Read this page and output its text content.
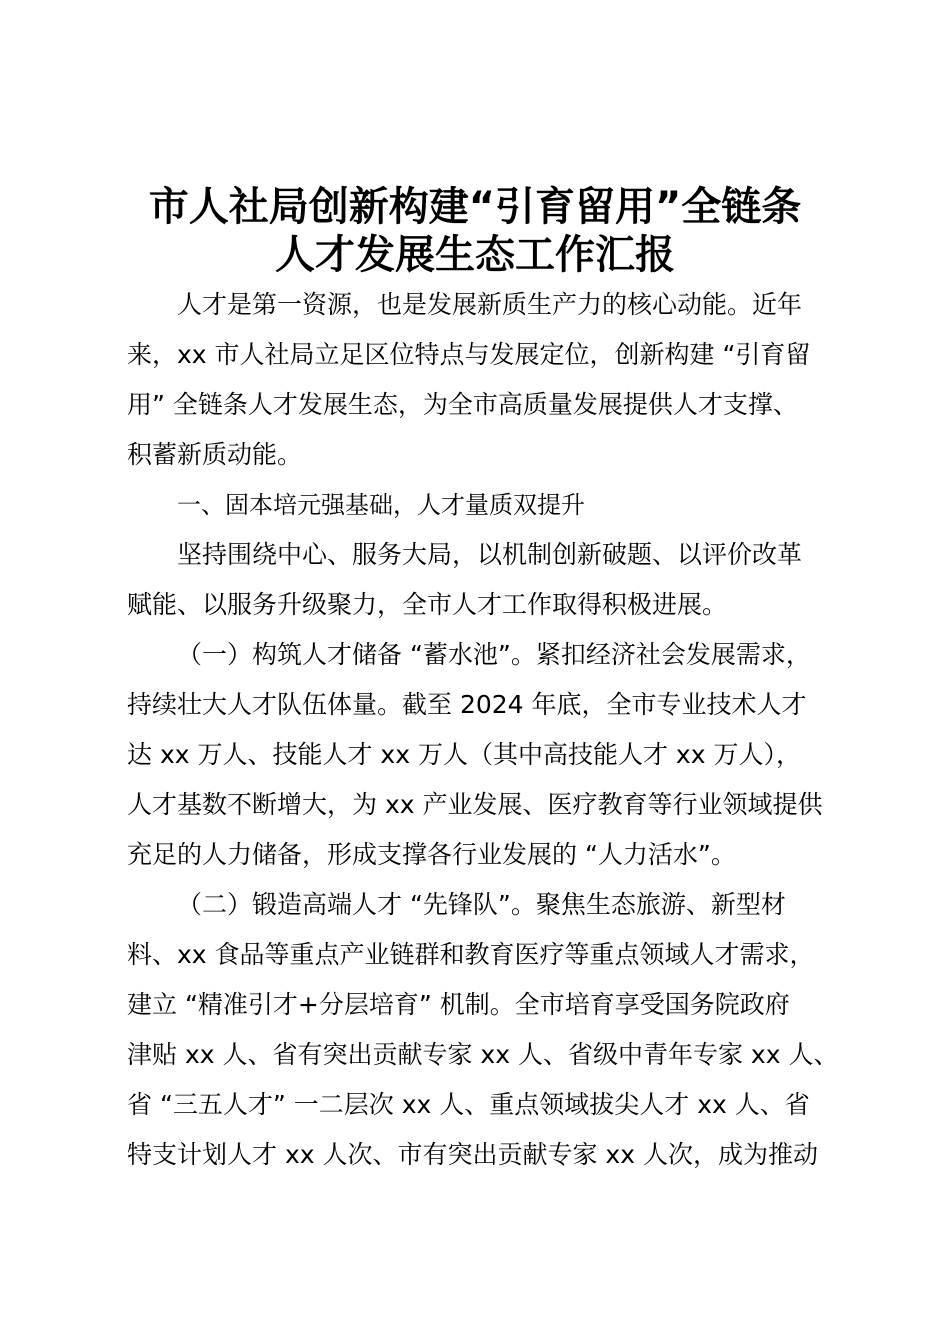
市人社局创新构建“引育留用”全链条
人才发展生态工作汇报

人才是第一资源，也是发展新质生产力的核心动能。近年

来，xx 市人社局立足区位特点与发展定位，创新构建 “引育留

用” 全链条人才发展生态，为全市高质量发展提供人才支撑、

积蓄新质动能。

一、固本培元强基础，人才量质双提升

坚持围绕中心、服务大局，以机制创新破题、以评价改革

赋能、以服务升级聚力，全市人才工作取得积极进展。

（一）构筑人才储备 “蓄水池”。紧扣经济社会发展需求，

持续壮大人才队伍体量。截至 2024 年底，全市专业技术人才

达 xx 万人、技能人才 xx 万人（其中高技能人才 xx 万人），

人才基数不断增大，为 xx 产业发展、医疗教育等行业领域提供

充足的人力储备，形成支撑各行业发展的 “人力活水”。

（二）锻造高端人才 “先锋队”。聚焦生态旅游、新型材

料、xx 食品等重点产业链群和教育医疗等重点领域人才需求，

建立 “精准引才+分层培育” 机制。全市培育享受国务院政府

津贴 xx 人、省有突出贡献专家 xx 人、省级中青年专家 xx 人、

省 “三五人才” 一二层次 xx 人、重点领域拔尖人才 xx 人、省

特支计划人才 xx 人次、市有突出贡献专家 xx 人次，成为推动
